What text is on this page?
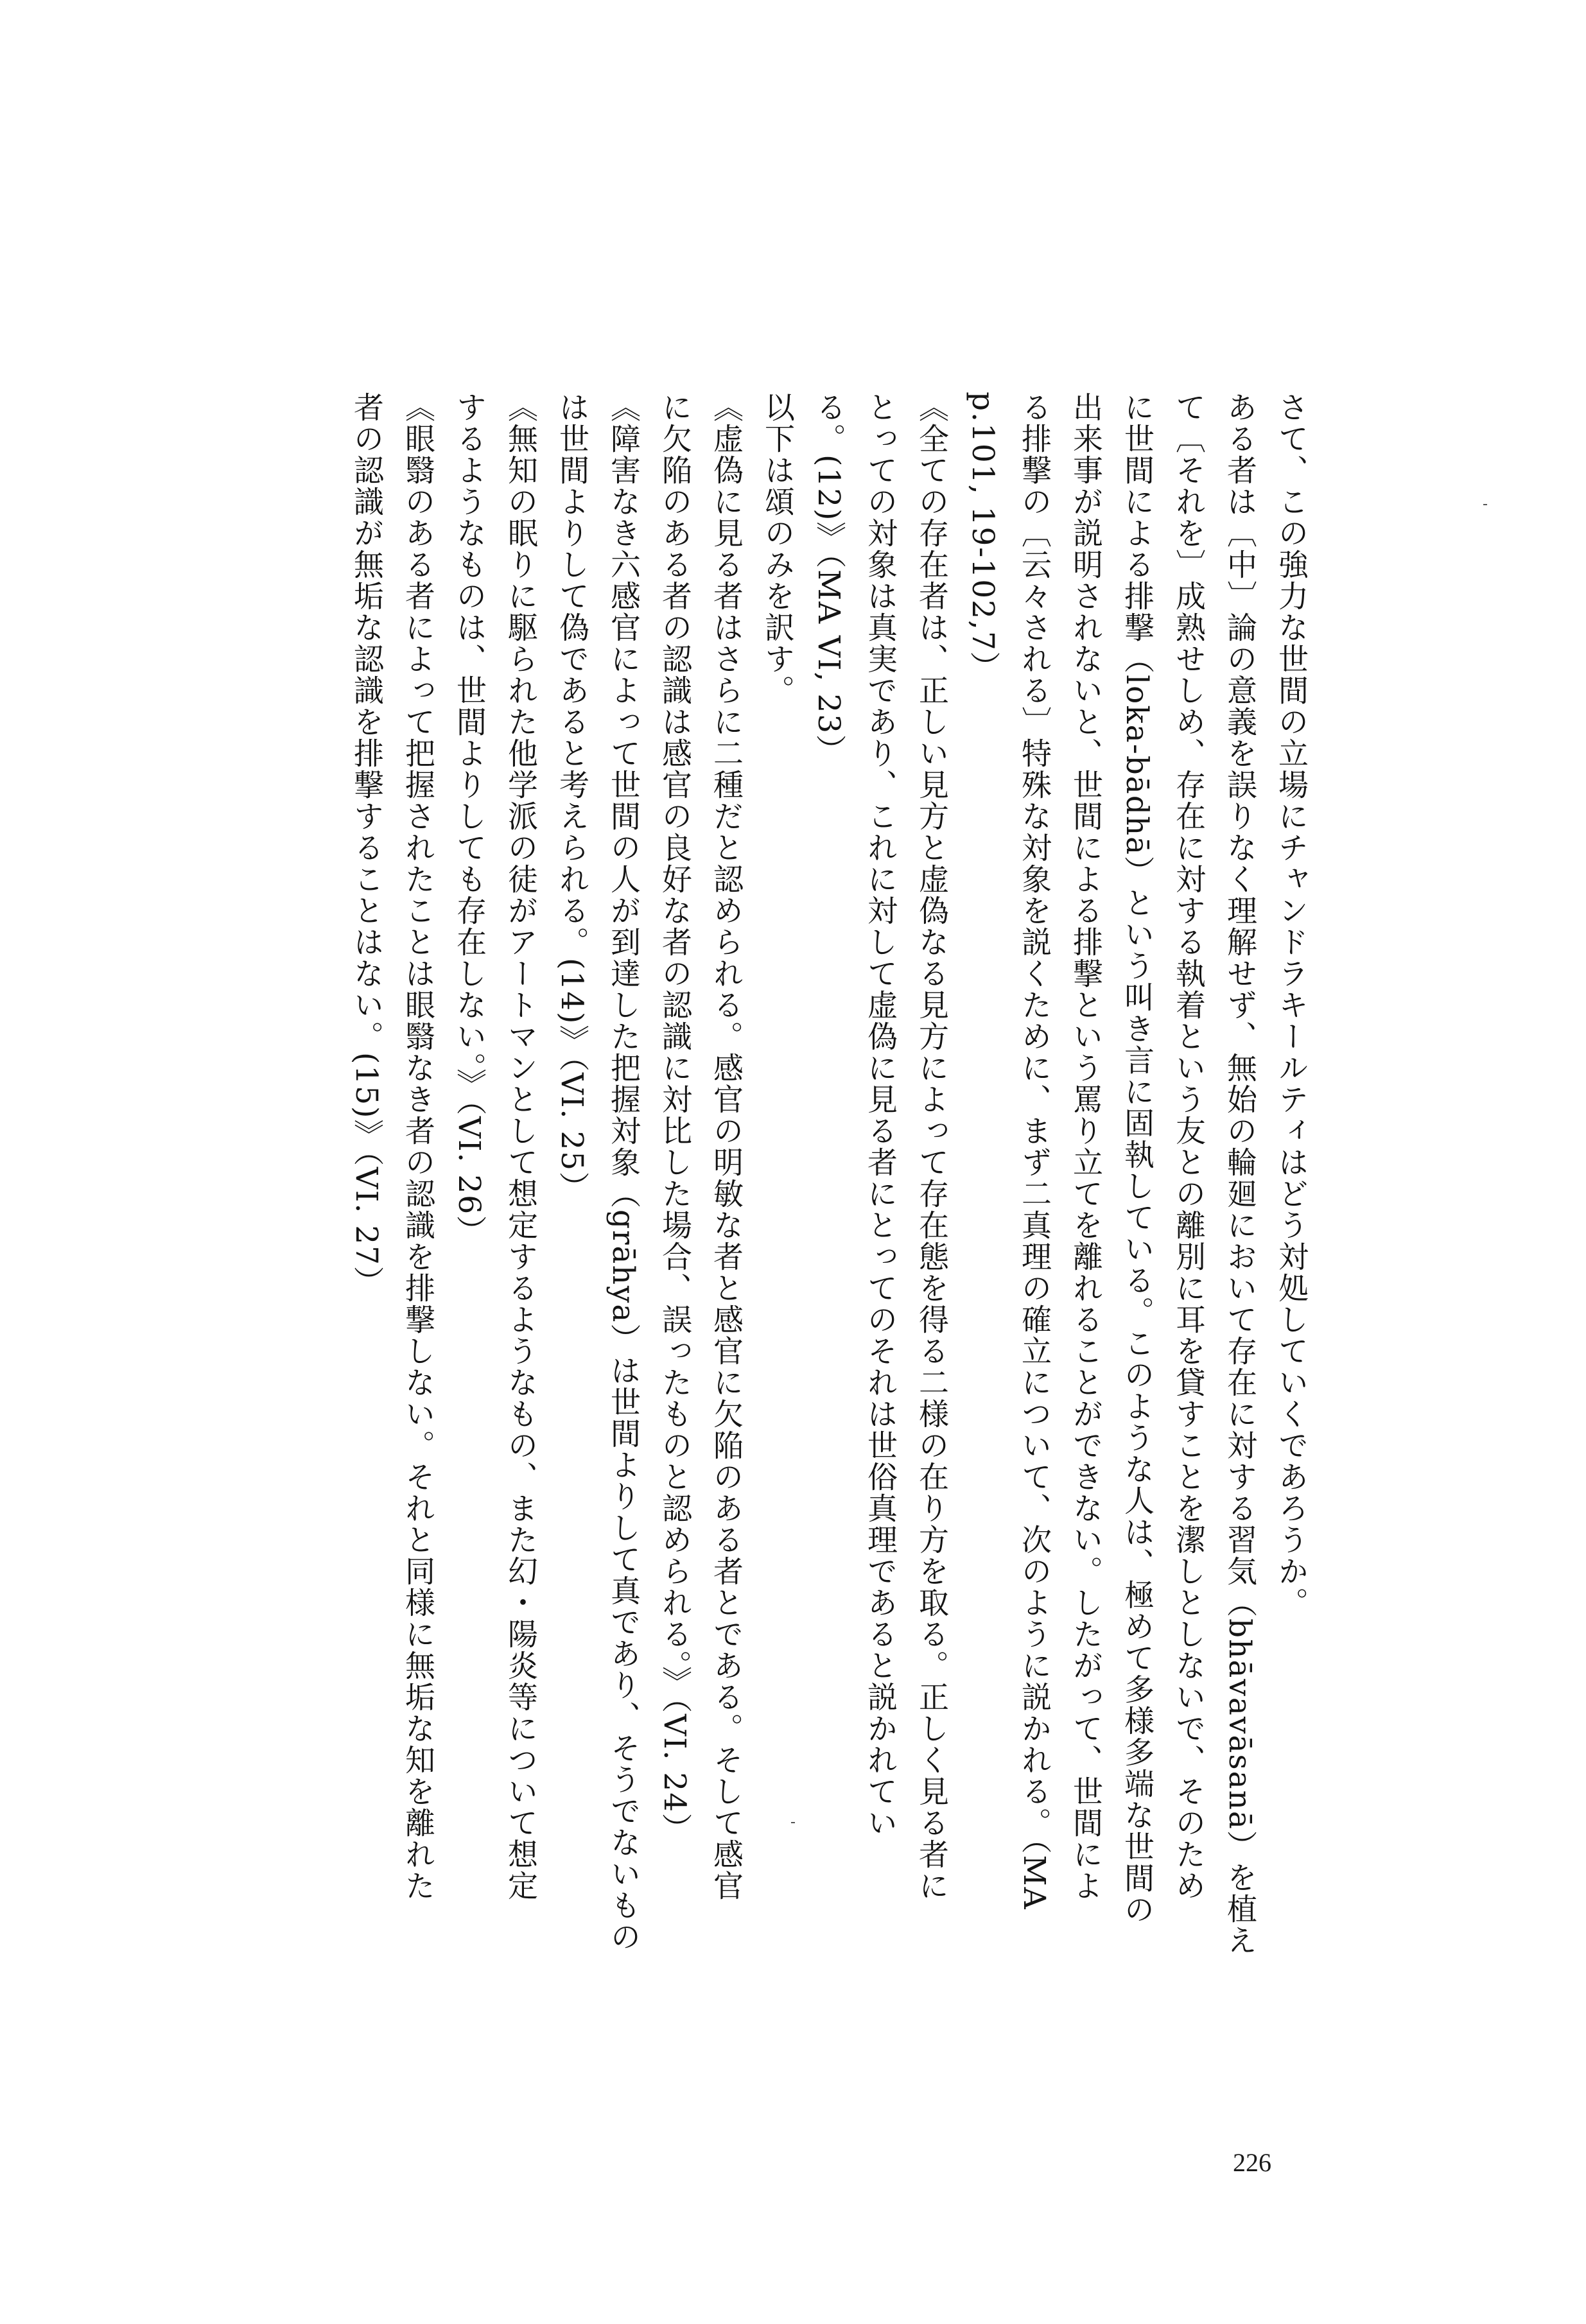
さて、この強力な世間の立場にチャンドラキールティはどう対処していくであろうか。

ある者は〔中〕論の意義を誤りなく理解せず、無始の輪廻において存在に対する習気（bhāvavāsanā）を植え

て〔それを〕成熟せしめ、存在に対する執着という友との離別に耳を貸すことを潔しとしないで、そのため

に世間による排撃（loka-bādhā）という叫き言に固執している。このような人は、極めて多様多端な世間の

出来事が説明されないと、世間による排撃という罵り立てを離れることができない。したがって、世間によ

る排撃の〔云々される〕特殊な対象を説くために、まず二真理の確立について、次のように説かれる。（MA

p.101, 19-102,7）

《全ての存在者は、正しい見方と虚偽なる見方によって存在態を得る二様の在り方を取る。正しく見る者に

とっての対象は真実であり、これに対して虚偽に見る者にとってのそれは世俗真理であると説かれてい

る。(12)》（MA VI, 23）

以下は頌のみを訳す。

《虚偽に見る者はさらに二種だと認められる。感官の明敏な者と感官に欠陥のある者とである。そして感官

に欠陥のある者の認識は感官の良好な者の認識に対比した場合、誤ったものと認められる。》（VI. 24）

《障害なき六感官によって世間の人が到達した把握対象（grāhya）は世間よりして真であり、そうでないもの

は世間よりして偽であると考えられる。(14)》（VI. 25）

《無知の眠りに駆られた他学派の徒がアートマンとして想定するようなもの、また幻・陽炎等について想定

するようなものは、世間よりしても存在しない。》（VI. 26）

《眼翳のある者によって把握されたことは眼翳なき者の認識を排撃しない。それと同様に無垢な知を離れた

者の認識が無垢な認識を排撃することはない。(15)》（VI. 27）

226
